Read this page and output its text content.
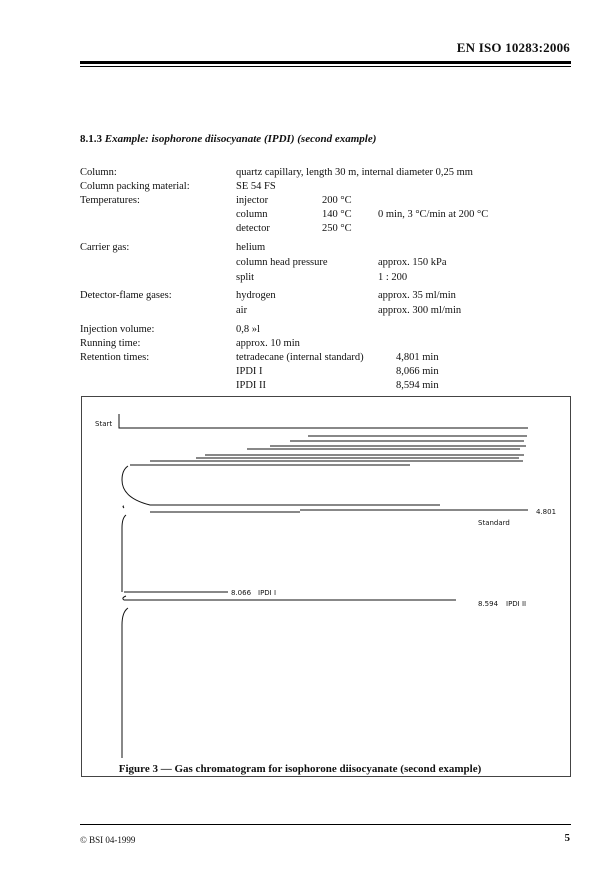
EN ISO 10283:2006
8.1.3 Example: isophorone diisocyanate (IPDI) (second example)
Column:	quartz capillary, length 30 m, internal diameter 0,25 mm
Column packing material:	SE 54 FS
Temperatures:	injector	200 °C
column	140 °C	0 min, 3 °C/min at 200 °C
detector	250 °C
Carrier gas:	helium
column head pressure	approx. 150 kPa
split	1 : 200
Detector-flame gases:	hydrogen	approx. 35 ml/min
air	approx. 300 ml/min
Injection volume:	0,8 »l
Running time:	approx. 10 min
Retention times:	tetradecane (internal standard)	4,801 min
IPDI I	8,066 min
IPDI II	8,594 min
Start
4.801
Standard
8.066 IPDI I
8.594 IPDI II
Figure 3 — Gas chromatogram for isophorone diisocyanate (second example)
© BSI 04-1999	5
